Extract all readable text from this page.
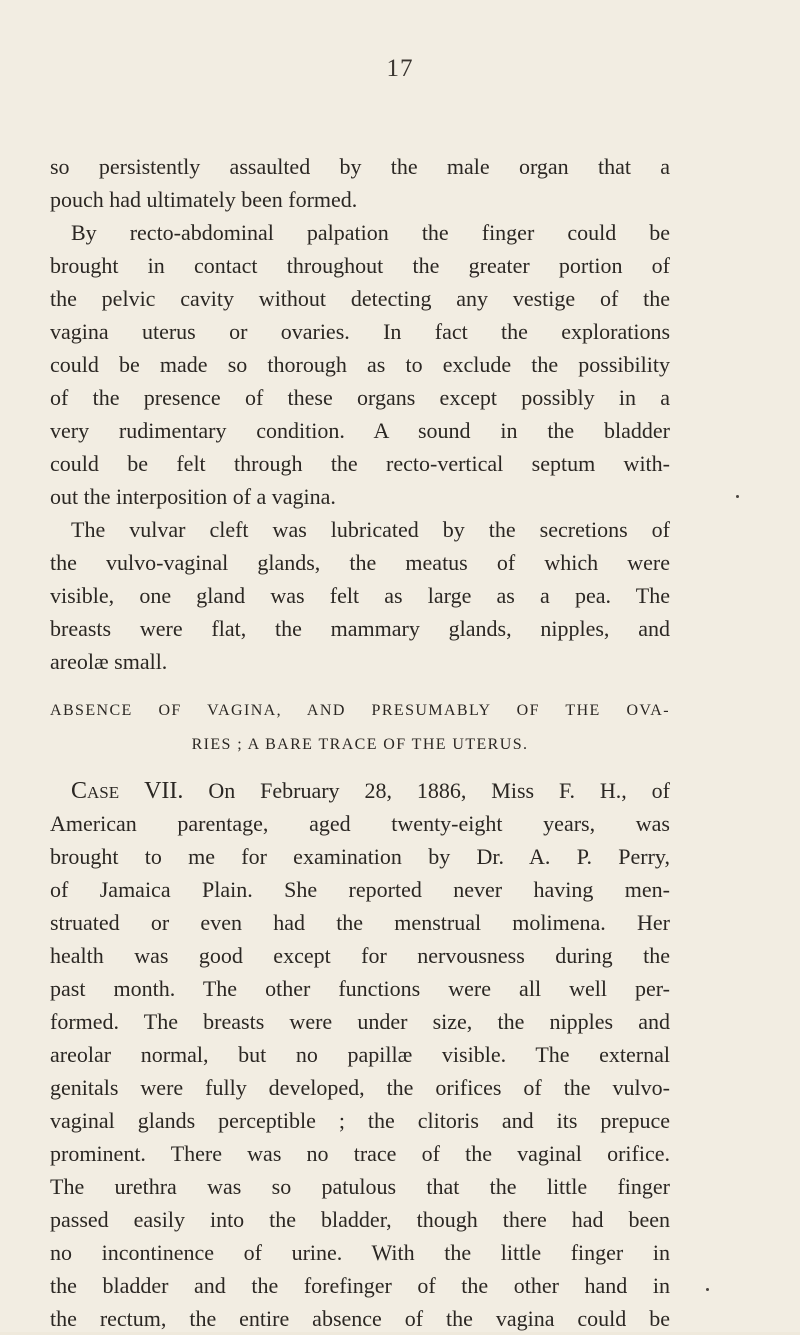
17
so persistently assaulted by the male organ that a
pouch had ultimately been formed.
By recto-abdominal palpation the finger could be
brought in contact throughout the greater portion of
the pelvic cavity without detecting any vestige of the
vagina uterus or ovaries. In fact the explorations
could be made so thorough as to exclude the possibility
of the presence of these organs except possibly in a
very rudimentary condition. A sound in the bladder
could be felt through the recto-vertical septum with-
out the interposition of a vagina.
The vulvar cleft was lubricated by the secretions of
the vulvo-vaginal glands, the meatus of which were
visible, one gland was felt as large as a pea. The
breasts were flat, the mammary glands, nipples, and
areolæ small.
ABSENCE OF VAGINA, AND PRESUMABLY OF THE OVA-
RIES ; A BARE TRACE OF THE UTERUS.
Case VII. On February 28, 1886, Miss F. H., of
American parentage, aged twenty-eight years, was
brought to me for examination by Dr. A. P. Perry,
of Jamaica Plain. She reported never having men-
struated or even had the menstrual molimena. Her
health was good except for nervousness during the
past month. The other functions were all well per-
formed. The breasts were under size, the nipples and
areolar normal, but no papillæ visible. The external
genitals were fully developed, the orifices of the vulvo-
vaginal glands perceptible ; the clitoris and its prepuce
prominent. There was no trace of the vaginal orifice.
The urethra was so patulous that the little finger
passed easily into the bladder, though there had been
no incontinence of urine. With the little finger in
the bladder and the forefinger of the other hand in
the rectum, the entire absence of the vagina could be
